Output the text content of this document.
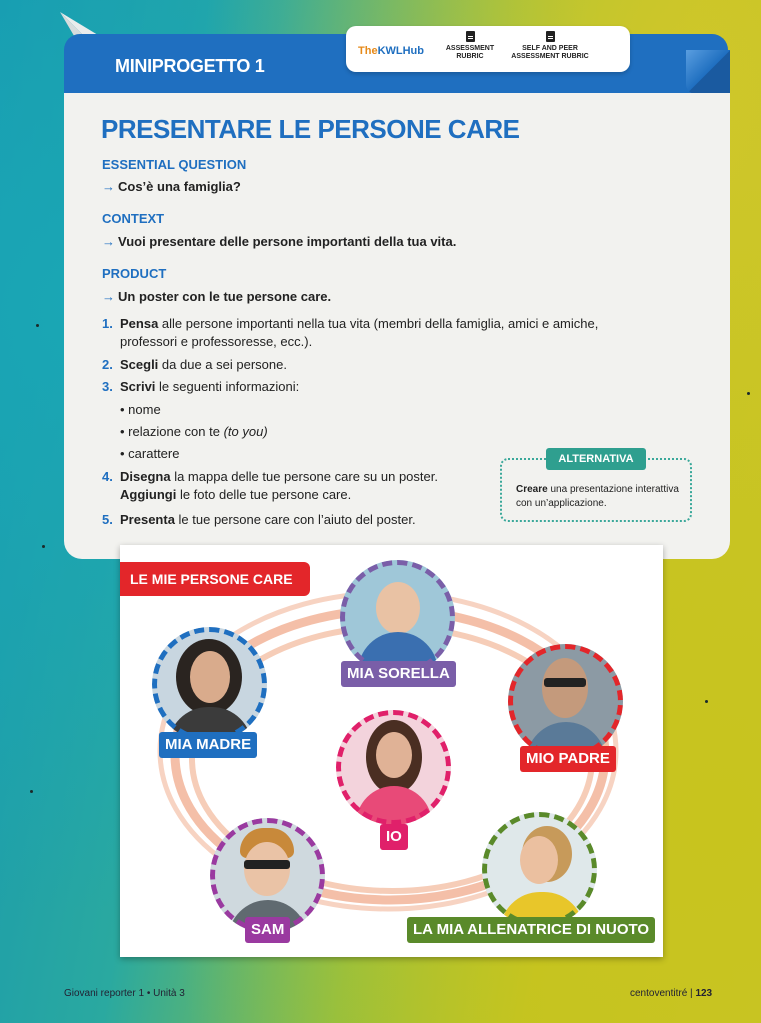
MINIPROGETTO 1
TheKWLHub	ASSESSMENT
RUBRIC
SELF AND PEER
ASSESSMENT RUBRIC
PRESENTARE LE PERSONE CARE
ESSENTIAL QUESTION
→ Cos’è una famiglia?
CONTEXT
→ Vuoi presentare delle persone importanti della tua vita.
PRODUCT
→ Un poster con le tue persone care.
1. Pensa alle persone importanti nella tua vita (membri della famiglia, amici e amiche,
professori e professoresse, ecc.).
2. Scegli da due a sei persone.
3. Scrivi le seguenti informazioni:
• nome
• relazione con te (to you)
• carattere
4. Disegna la mappa delle tue persone care su un poster.
Aggiungi le foto delle tue persone care.
5. Presenta le tue persone care con l’aiuto del poster.
ALTERNATIVA
Creare una presentazione interattiva con un’applicazione.
LE MIE PERSONE CARE
MIA SORELLA
MIA MADRE
MIO PADRE
IO
SAM	LA MIA ALLENATRICE DI NUOTO
Giovani reporter 1 • Unità 3	centoventitré | 123
